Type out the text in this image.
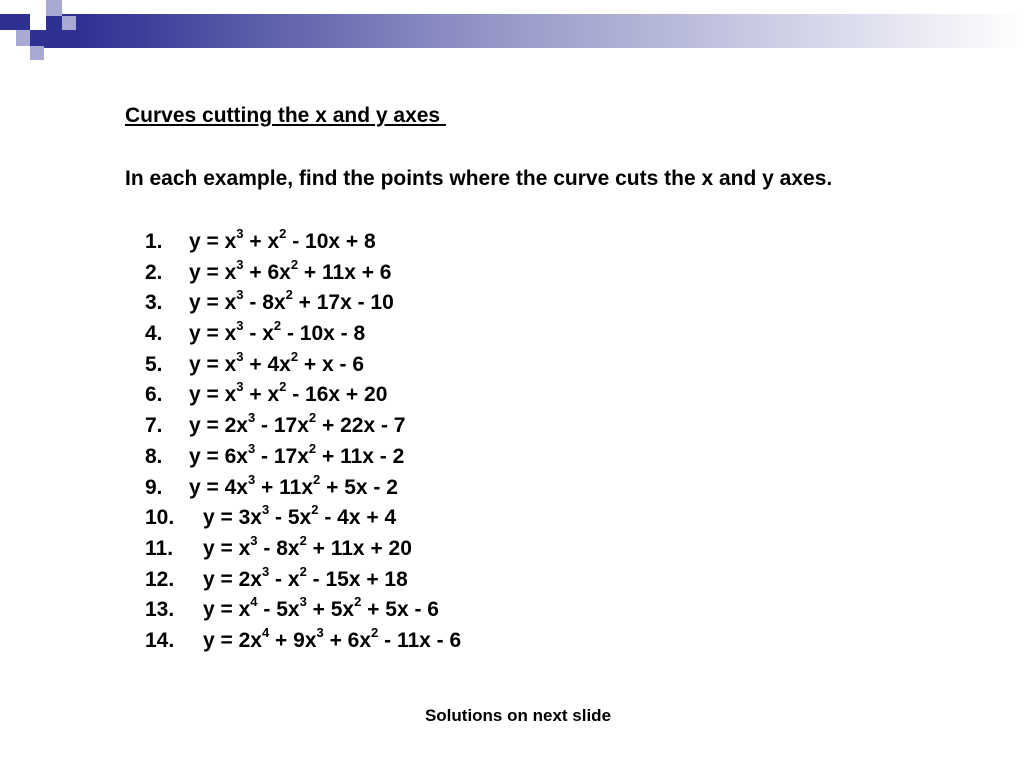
Curves cutting the x and y axes
In each example, find the points where the curve cuts the x and y axes.
1.	$y = x^3 + x^2 - 10x + 8$
2.	$y = x^3 + 6x^2 + 11x + 6$
3.	$y = x^3 - 8x^2 + 17x - 10$
4.	$y = x^3 - x^2 - 10x - 8$
5.	$y = x^3 + 4x^2 + x - 6$
6.	$y = x^3 + x^2 - 16x + 20$
7.	$y = 2x^3 - 17x^2 + 22x - 7$
8.	$y = 6x^3 - 17x^2 + 11x - 2$
9.	$y = 4x^3 + 11x^2 + 5x - 2$
10.	$y = 3x^3 - 5x^2 - 4x + 4$
11.	$y = x^3 - 8x^2 + 11x + 20$
12.	$y = 2x^3 - x^2 - 15x + 18$
13.	$y = x^4 - 5x^3 + 5x^2 + 5x - 6$
14.	$y = 2x^4 + 9x^3 + 6x^2 - 11x - 6$
Solutions on next slide
